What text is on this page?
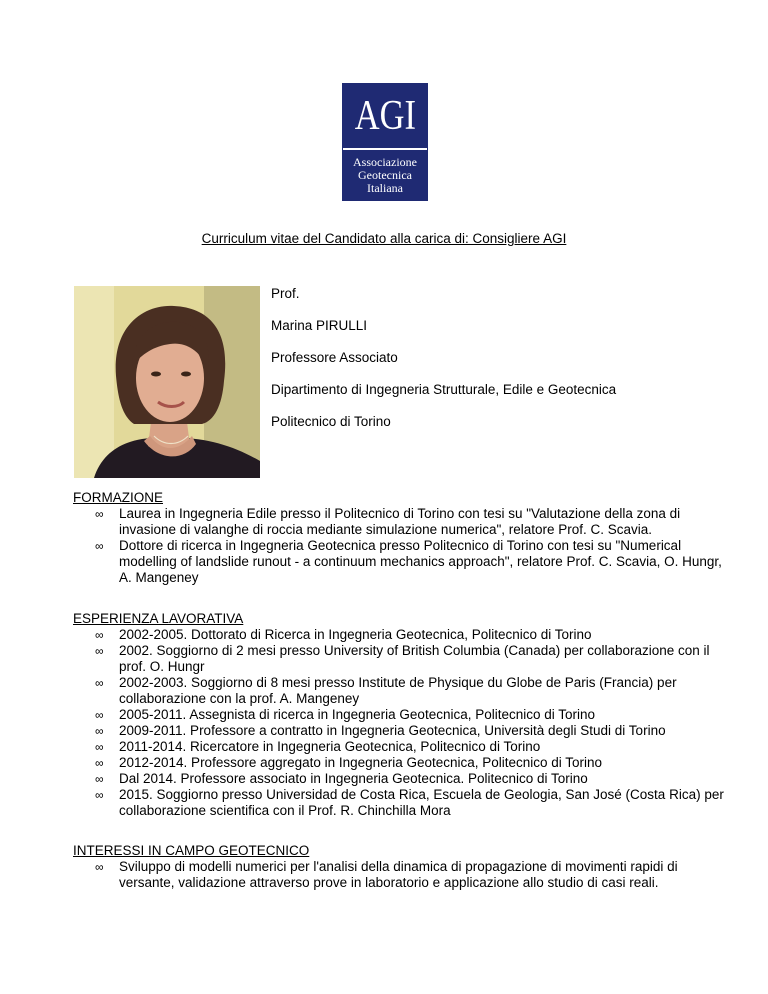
AGI
Associazione
Geotecnica
Italiana
Curriculum vitae del Candidato alla carica di: Consigliere AGI
Prof.
Marina PIRULLI
Professore Associato
Dipartimento di Ingegneria Strutturale, Edile e Geotecnica
Politecnico di Torino
FORMAZIONE
∞ Laurea in Ingegneria Edile presso il Politecnico di Torino con tesi su "Valutazione della zona di invasione di valanghe di roccia mediante simulazione numerica", relatore Prof. C. Scavia.
∞ Dottore di ricerca in Ingegneria Geotecnica presso Politecnico di Torino con tesi su "Numerical modelling of landslide runout - a continuum mechanics approach", relatore Prof. C. Scavia, O. Hungr, A. Mangeney
ESPERIENZA LAVORATIVA
∞ 2002-2005. Dottorato di Ricerca in Ingegneria Geotecnica, Politecnico di Torino
∞ 2002. Soggiorno di 2 mesi presso University of British Columbia (Canada) per collaborazione con il prof. O. Hungr
∞ 2002-2003. Soggiorno di 8 mesi presso Institute de Physique du Globe de Paris (Francia) per collaborazione con la prof. A. Mangeney
∞ 2005-2011. Assegnista di ricerca in Ingegneria Geotecnica, Politecnico di Torino
∞ 2009-2011. Professore a contratto in Ingegneria Geotecnica, Università degli Studi di Torino
∞ 2011-2014. Ricercatore in Ingegneria Geotecnica, Politecnico di Torino
∞ 2012-2014. Professore aggregato in Ingegneria Geotecnica, Politecnico di Torino
∞ Dal 2014. Professore associato in Ingegneria Geotecnica. Politecnico di Torino
∞ 2015. Soggiorno presso Universidad de Costa Rica, Escuela de Geologia, San José (Costa Rica) per collaborazione scientifica con il Prof. R. Chinchilla Mora
INTERESSI IN CAMPO GEOTECNICO
∞ Sviluppo di modelli numerici per l'analisi della dinamica di propagazione di movimenti rapidi di versante, validazione attraverso prove in laboratorio e applicazione allo studio di casi reali.
